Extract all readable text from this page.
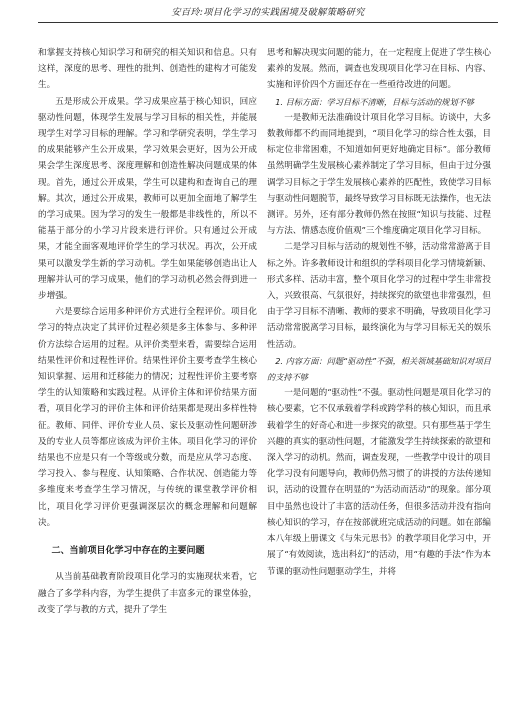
安百玲:项目化学习的实践困境及破解策略研究

和掌握支持核心知识学习和研究的相关知识和信息。只有这样，深度的思考、理性的批判、创造性的建构才可能发生。

五是形成公开成果。学习成果应基于核心知识，回应驱动性问题，体现学生发展与学习目标的相关性，并能展现学生对学习目标的理解。学习和学研究表明，学生学习的成果能够产生公开成果，学习效果会更好，因为公开成果会学生深度思考、深度理解和创造性解决问题成果的体现。首先，通过公开成果，学生可以建构和查询自己的理解。其次，通过公开成果，教师可以更加全面地了解学生的学习成果。因为学习的发生一般都是非线性的，所以不能基于部分的小学习片段来进行评价。只有通过公开成果，才能全面客观地评价学生的学习状况。再次，公开成果可以激发学生新的学习动机。学生如果能够创造出让人理解并认可的学习成果，他们的学习动机必然会得到进一步增强。

六是要综合运用多种评价方式进行全程评价。项目化学习的特点决定了其评价过程必须是多主体参与、多种评价方法综合运用的过程。从评价类型来看，需要综合运用结果性评价和过程性评价。结果性评价主要考查学生核心知识掌握、运用和迁移能力的情况；过程性评价主要考察学生的认知策略和实践过程。从评价主体和评价结果方面看，项目化学习的评价主体和评价结果都是现出多样性特征。教师、同伴、评价专业人员、家长及驱动性问题研涉及的专业人员等都应该成为评价主体。项目化学习的评价结果也不应是只有一个等级或分数，而是应从学习态度、学习投入、参与程度、认知策略、合作状况、创造能力等多维度来考查学生学习情况，与传统的课堂教学评价相比，项目化学习评价更强调深层次的概念理解和问题解决。

二、当前项目化学习中存在的主要问题

从当前基础教育阶段项目化学习的实施现状来看，它融合了多学科内容，为学生提供了丰富多元的课堂体验，改变了学与教的方式，提升了学生

思考和解决现实问题的能力，在一定程度上促进了学生核心素养的发展。然而，调查也发现项目化学习在目标、内容、实施和评价四个方面还存在一些亟待改进的问题。

1. 目标方面：学习目标不清晰，目标与活动的规划不够

一是教师无法准确设计项目化学习目标。访谈中，大多数教师都不约而同地提到，“项目化学习的综合性太强，目标定位非常困难，不知道如何更好地确定目标”。部分教师虽然明确学生发展核心素养制定了学习目标，但由于过分强调学习目标之于学生发展核心素养的匹配性，致使学习目标与驱动性问题脱节，最终导致学习目标既无法操作，也无法测评。另外，还有部分教师仍然在按照“知识与技能、过程与方法、情感态度价值观”三个维度确定项目化学习目标。

二是学习目标与活动的规划性不够，活动常常游离于目标之外。许多教师设计和组织的学科项目化学习情境新颖、形式多样、活动丰富，整个项目化学习的过程中学生非常投入，兴致很高、气氛很好，持续探究的欲望也非常强烈，但由于学习目标不清晰、教师的要求不明确，导致项目化学习活动常常脱离学习目标，最终演化为与学习目标无关的娱乐性活动。

2. 内容方面：问题“驱动性”不强，相关领域基础知识对项目的支持不够

一是问题的“驱动性”不强。驱动性问题是项目化学习的核心要素，它不仅承载着学科或跨学科的核心知识，而且承载着学生的好奇心和进一步探究的欲望。只有那些基于学生兴趣的真实的驱动性问题，才能激发学生持续探索的欲望和深入学习的动机。然而，调查发现，一些教学中设计的项目化学习没有问题导向，教师仍然习惯了的讲授的方法传递知识，活动的设置存在明显的“为活动而活动”的现象。部分项目中虽然也设计了丰富的活动任务，但很多活动并没有指向核心知识的学习，存在按部就班完成活动的问题。如在部编本八年级上册课文《与朱元思书》的教学项目化学习中，开展了“有效阅读，选出科幻”的活动，用“有趣的手法”作为本节课的驱动性问题驱动学生，并将
